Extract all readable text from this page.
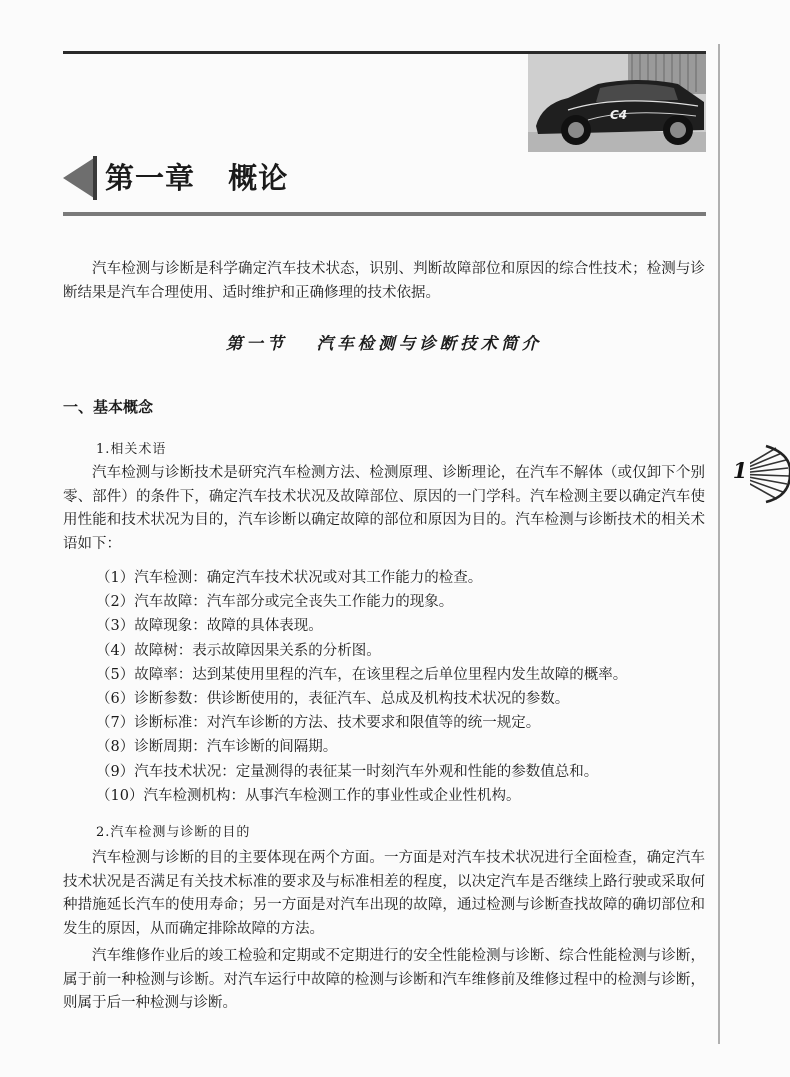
C4
第一章   概论

汽车检测与诊断是科学确定汽车技术状态，识别、判断故障部位和原因的综合性技术；检测与诊断结果是汽车合理使用、适时维护和正确修理的技术依据。

第一节   汽车检测与诊断技术简介
一、基本概念
1.相关术语

汽车检测与诊断技术是研究汽车检测方法、检测原理、诊断理论，在汽车不解体（或仅卸下个别零、部件）的条件下，确定汽车技术状况及故障部位、原因的一门学科。汽车检测主要以确定汽车使用性能和技术状况为目的，汽车诊断以确定故障的部位和原因为目的。汽车检测与诊断技术的相关术语如下：

（1）汽车检测：确定汽车技术状况或对其工作能力的检查。
（2）汽车故障：汽车部分或完全丧失工作能力的现象。
（3）故障现象：故障的具体表现。
（4）故障树：表示故障因果关系的分析图。
（5）故障率：达到某使用里程的汽车，在该里程之后单位里程内发生故障的概率。
（6）诊断参数：供诊断使用的，表征汽车、总成及机构技术状况的参数。
（7）诊断标准：对汽车诊断的方法、技术要求和限值等的统一规定。
（8）诊断周期：汽车诊断的间隔期。
（9）汽车技术状况：定量测得的表征某一时刻汽车外观和性能的参数值总和。
（10）汽车检测机构：从事汽车检测工作的事业性或企业性机构。
2.汽车检测与诊断的目的

汽车检测与诊断的目的主要体现在两个方面。一方面是对汽车技术状况进行全面检查，确定汽车技术状况是否满足有关技术标准的要求及与标准相差的程度，以决定汽车是否继续上路行驶或采取何种措施延长汽车的使用寿命；另一方面是对汽车出现的故障，通过检测与诊断查找故障的确切部位和发生的原因，从而确定排除故障的方法。

汽车维修作业后的竣工检验和定期或不定期进行的安全性能检测与诊断、综合性能检测与诊断，属于前一种检测与诊断。对汽车运行中故障的检测与诊断和汽车维修前及维修过程中的检测与诊断，则属于后一种检测与诊断。

1
